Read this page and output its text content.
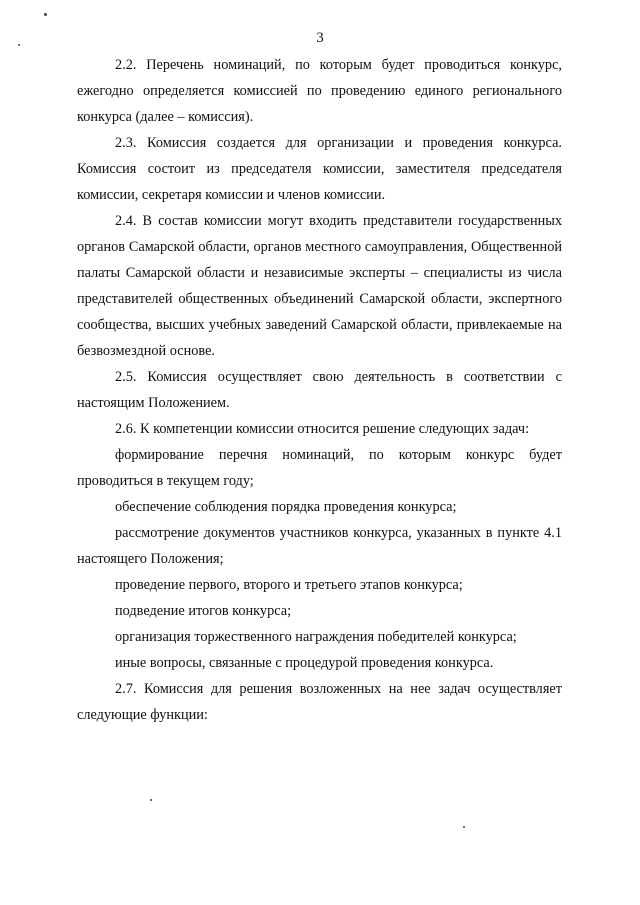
3

2.2. Перечень номинаций, по которым будет проводиться конкурс, ежегодно определяется комиссией по проведению единого регионального конкурса (далее – комиссия).

2.3. Комиссия создается для организации и проведения конкурса. Комиссия состоит из председателя комиссии, заместителя председателя комиссии, секретаря комиссии и членов комиссии.

2.4. В состав комиссии могут входить представители государственных органов Самарской области, органов местного самоуправления, Общественной палаты Самарской области и независимые эксперты – специалисты из числа представителей общественных объединений Самарской области, экспертного сообщества, высших учебных заведений Самарской области, привлекаемые на безвозмездной основе.

2.5. Комиссия осуществляет свою деятельность в соответствии с настоящим Положением.

2.6. К компетенции комиссии относится решение следующих задач:

формирование перечня номинаций, по которым конкурс будет проводиться в текущем году;

обеспечение соблюдения порядка проведения конкурса;

рассмотрение документов участников конкурса, указанных в пункте 4.1 настоящего Положения;

проведение первого, второго и третьего этапов конкурса;

подведение итогов конкурса;

организация торжественного награждения победителей конкурса;

иные вопросы, связанные с процедурой проведения конкурса.

2.7. Комиссия для решения возложенных на нее задач осуществляет следующие функции:
